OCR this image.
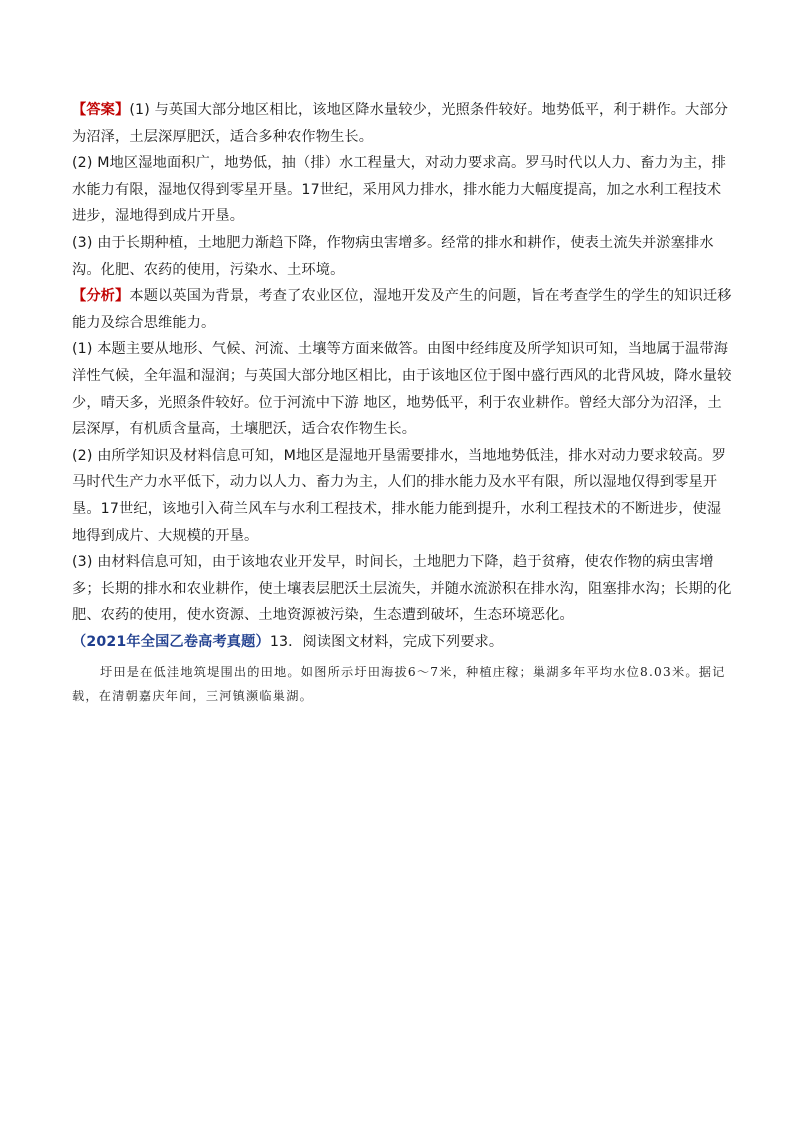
【答案】(1) 与英国大部分地区相比，该地区降水量较少，光照条件较好。地势低平，利于耕作。大部分为沼泽，土层深厚肥沃，适合多种农作物生长。

(2) M地区湿地面积广，地势低，抽（排）水工程量大，对动力要求高。罗马时代以人力、畜力为主，排水能力有限，湿地仅得到零星开垦。17世纪，采用风力排水，排水能力大幅度提高，加之水利工程技术进步，湿地得到成片开垦。

(3) 由于长期种植，土地肥力渐趋下降，作物病虫害增多。经常的排水和耕作，使表土流失并淤塞排水沟。化肥、农药的使用，污染水、土环境。

【分析】本题以英国为背景，考查了农业区位，湿地开发及产生的问题，旨在考查学生的学生的知识迁移能力及综合思维能力。

(1) 本题主要从地形、气候、河流、土壤等方面来做答。由图中经纬度及所学知识可知，当地属于温带海洋性气候，全年温和湿润；与英国大部分地区相比，由于该地区位于图中盛行西风的北背风坡，降水量较少，晴天多，光照条件较好。位于河流中下游 地区，地势低平，利于农业耕作。曾经大部分为沼泽，土层深厚，有机质含量高，土壤肥沃，适合农作物生长。

(2) 由所学知识及材料信息可知，M地区是湿地开垦需要排水，当地地势低洼，排水对动力要求较高。罗马时代生产力水平低下，动力以人力、畜力为主，人们的排水能力及水平有限，所以湿地仅得到零星开垦。17世纪，该地引入荷兰风车与水利工程技术，排水能力能到提升，水利工程技术的不断进步，使湿地得到成片、大规模的开垦。

(3) 由材料信息可知，由于该地农业开发早，时间长，土地肥力下降，趋于贫瘠，使农作物的病虫害增多；长期的排水和农业耕作，使土壤表层肥沃土层流失，并随水流淤积在排水沟，阻塞排水沟；长期的化肥、农药的使用，使水资源、土地资源被污染，生态遭到破坏，生态环境恶化。

（2021年全国乙卷高考真题）13．阅读图文材料，完成下列要求。

圩田是在低洼地筑堤围出的田地。如图所示圩田海拔6～7米，种植庄稼；巢湖多年平均水位8.03米。据记载，在清朝嘉庆年间，三河镇濒临巢湖。
